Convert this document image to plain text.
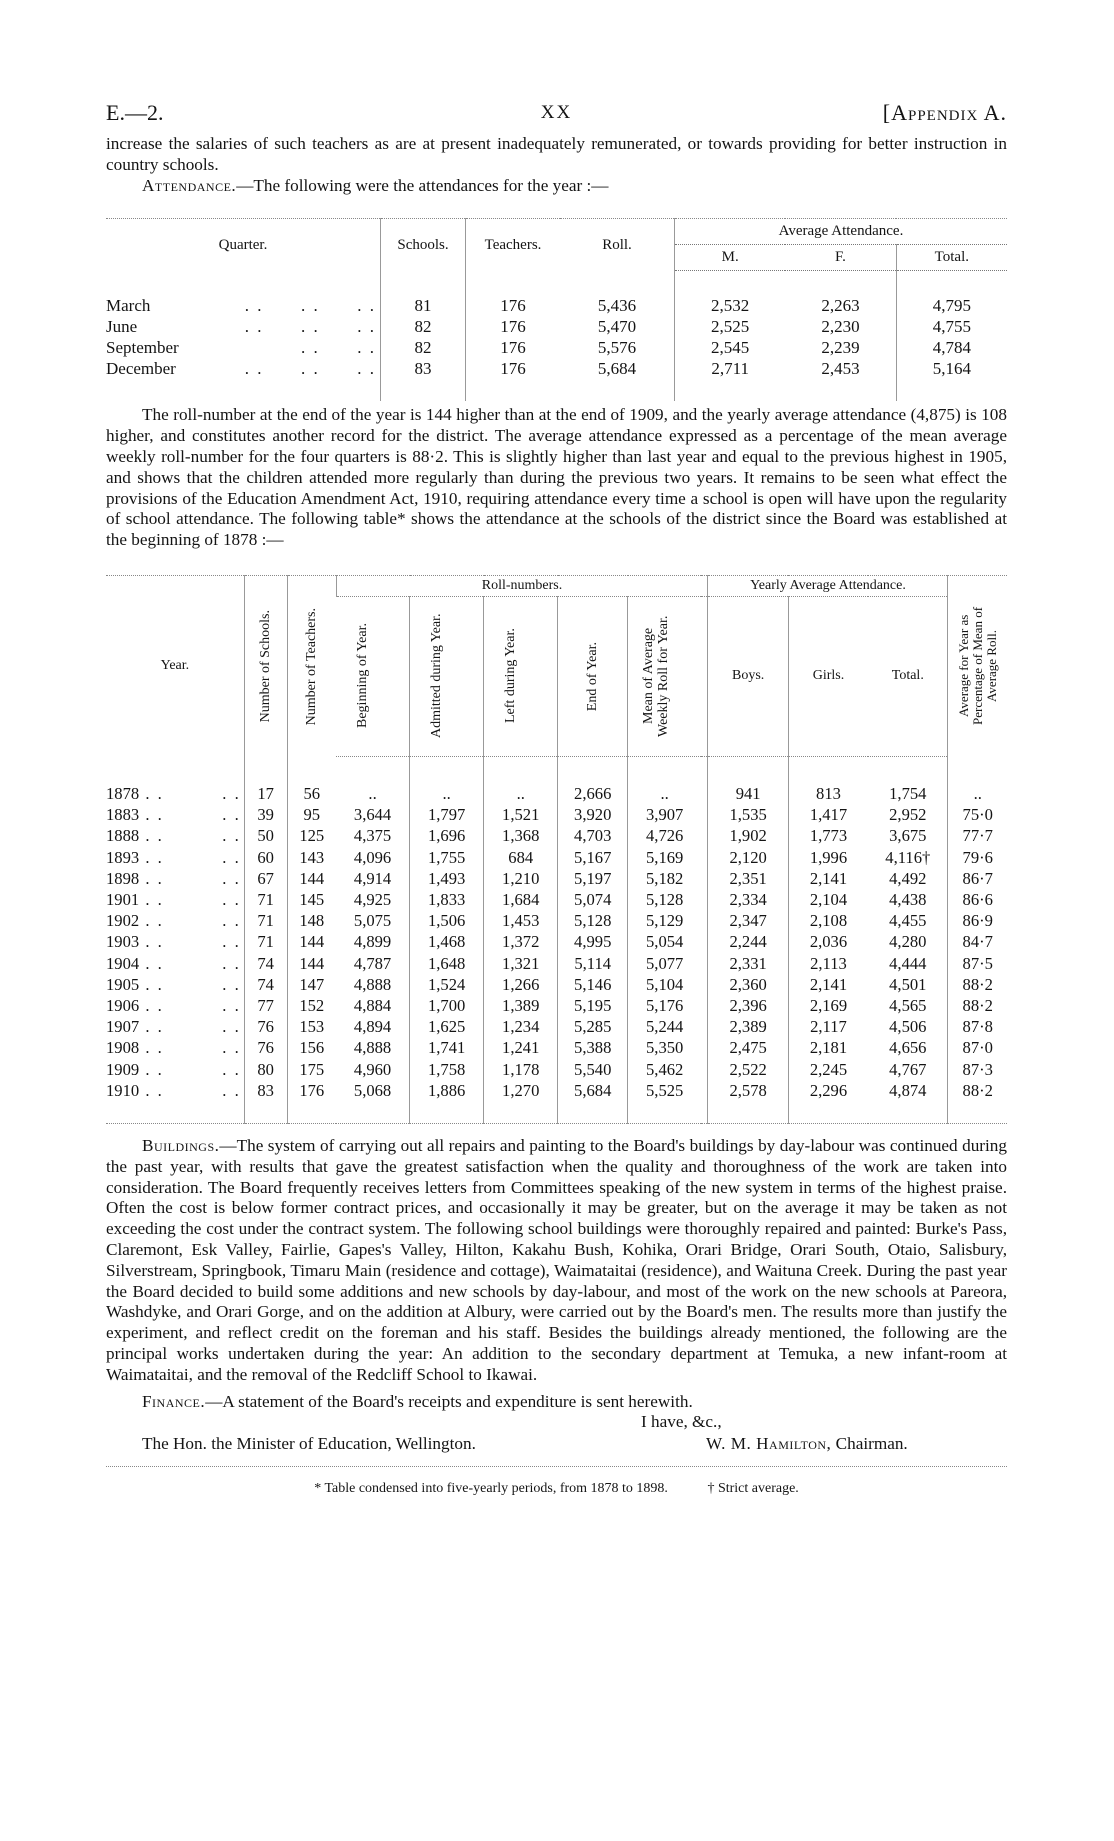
E.—2.	XX	[Appendix A.

increase the salaries of such teachers as are at present inadequately remunerated, or towards providing for better instruction in country schools.

Attendance.—The following were the attendances for the year :—

Quarter.	Schools.	Teachers.	Roll.	Average Attendance.		
				M.	F.	Total.
March . .      . .      . .	81	176	5,436	2,532	2,263	4,795
June . .      . .      . .	82	176	5,470	2,525	2,230	4,755
September . .      . .	82	176	5,576	2,545	2,239	4,784
December . .      . .      . .	83	176	5,684	2,711	2,453	5,164

The roll-number at the end of the year is 144 higher than at the end of 1909, and the yearly average attendance (4,875) is 108 higher, and constitutes another record for the district. The average attendance expressed as a percentage of the mean average weekly roll-number for the four quarters is 88·2. This is slightly higher than last year and equal to the previous highest in 1905, and shows that the children attended more regularly than during the previous two years. It remains to be seen what effect the provisions of the Education Amendment Act, 1910, requiring attendance every time a school is open will have upon the regularity of school attendance. The following table* shows the attendance at the schools of the district since the Board was established at the beginning of 1878 :—

Year.	Number of Schools.	Number of Teachers.	Roll-numbers.						Yearly Average Attendance.			Average for Year as Percentage of Mean of Average Roll.

			Beginning of Year.	Admitted during Year.	Left during Year.	End of Year.	Mean of Average Weekly Roll for Year.		Boys.	Girls.	Total.	
1878 . . . .	17	56	..	..	..	2,666	..		941	813	1,754	..
1883 . . . .	39	95	3,644	1,797	1,521	3,920	3,907		1,535	1,417	2,952	75·0
1888 . . . .	50	125	4,375	1,696	1,368	4,703	4,726		1,902	1,773	3,675	77·7
1893 . . . .	60	143	4,096	1,755	684	5,167	5,169		2,120	1,996	4,116†	79·6
1898 . . . .	67	144	4,914	1,493	1,210	5,197	5,182		2,351	2,141	4,492	86·7
1901 . . . .	71	145	4,925	1,833	1,684	5,074	5,128		2,334	2,104	4,438	86·6
1902 . . . .	71	148	5,075	1,506	1,453	5,128	5,129		2,347	2,108	4,455	86·9
1903 . . . .	71	144	4,899	1,468	1,372	4,995	5,054		2,244	2,036	4,280	84·7
1904 . . . .	74	144	4,787	1,648	1,321	5,114	5,077		2,331	2,113	4,444	87·5
1905 . . . .	74	147	4,888	1,524	1,266	5,146	5,104		2,360	2,141	4,501	88·2
1906 . . . .	77	152	4,884	1,700	1,389	5,195	5,176		2,396	2,169	4,565	88·2
1907 . . . .	76	153	4,894	1,625	1,234	5,285	5,244		2,389	2,117	4,506	87·8
1908 . . . .	76	156	4,888	1,741	1,241	5,388	5,350		2,475	2,181	4,656	87·0
1909 . . . .	80	175	4,960	1,758	1,178	5,540	5,462		2,522	2,245	4,767	87·3
1910 . . . .	83	176	5,068	1,886	1,270	5,684	5,525		2,578	2,296	4,874	88·2

Buildings.—The system of carrying out all repairs and painting to the Board's buildings by day-labour was continued during the past year, with results that gave the greatest satisfaction when the quality and thoroughness of the work are taken into consideration. The Board frequently receives letters from Committees speaking of the new system in terms of the highest praise. Often the cost is below former contract prices, and occasionally it may be greater, but on the average it may be taken as not exceeding the cost under the contract system. The following school buildings were thoroughly repaired and painted: Burke's Pass, Claremont, Esk Valley, Fairlie, Gapes's Valley, Hilton, Kakahu Bush, Kohika, Orari Bridge, Orari South, Otaio, Salisbury, Silverstream, Springbook, Timaru Main (residence and cottage), Waimataitai (residence), and Waituna Creek. During the past year the Board decided to build some additions and new schools by day-labour, and most of the work on the new schools at Pareora, Washdyke, and Orari Gorge, and on the addition at Albury, were carried out by the Board's men. The results more than justify the experiment, and reflect credit on the foreman and his staff. Besides the buildings already mentioned, the following are the principal works undertaken during the year: An addition to the secondary department at Temuka, a new infant-room at Waimataitai, and the removal of the Redcliff School to Ikawai.

Finance.—A statement of the Board's receipts and expenditure is sent herewith.

I have, &c.,
The Hon. the Minister of Education, Wellington.	W. M. Hamilton, Chairman.
* Table condensed into five-yearly periods, from 1878 to 1898.	† Strict average.
